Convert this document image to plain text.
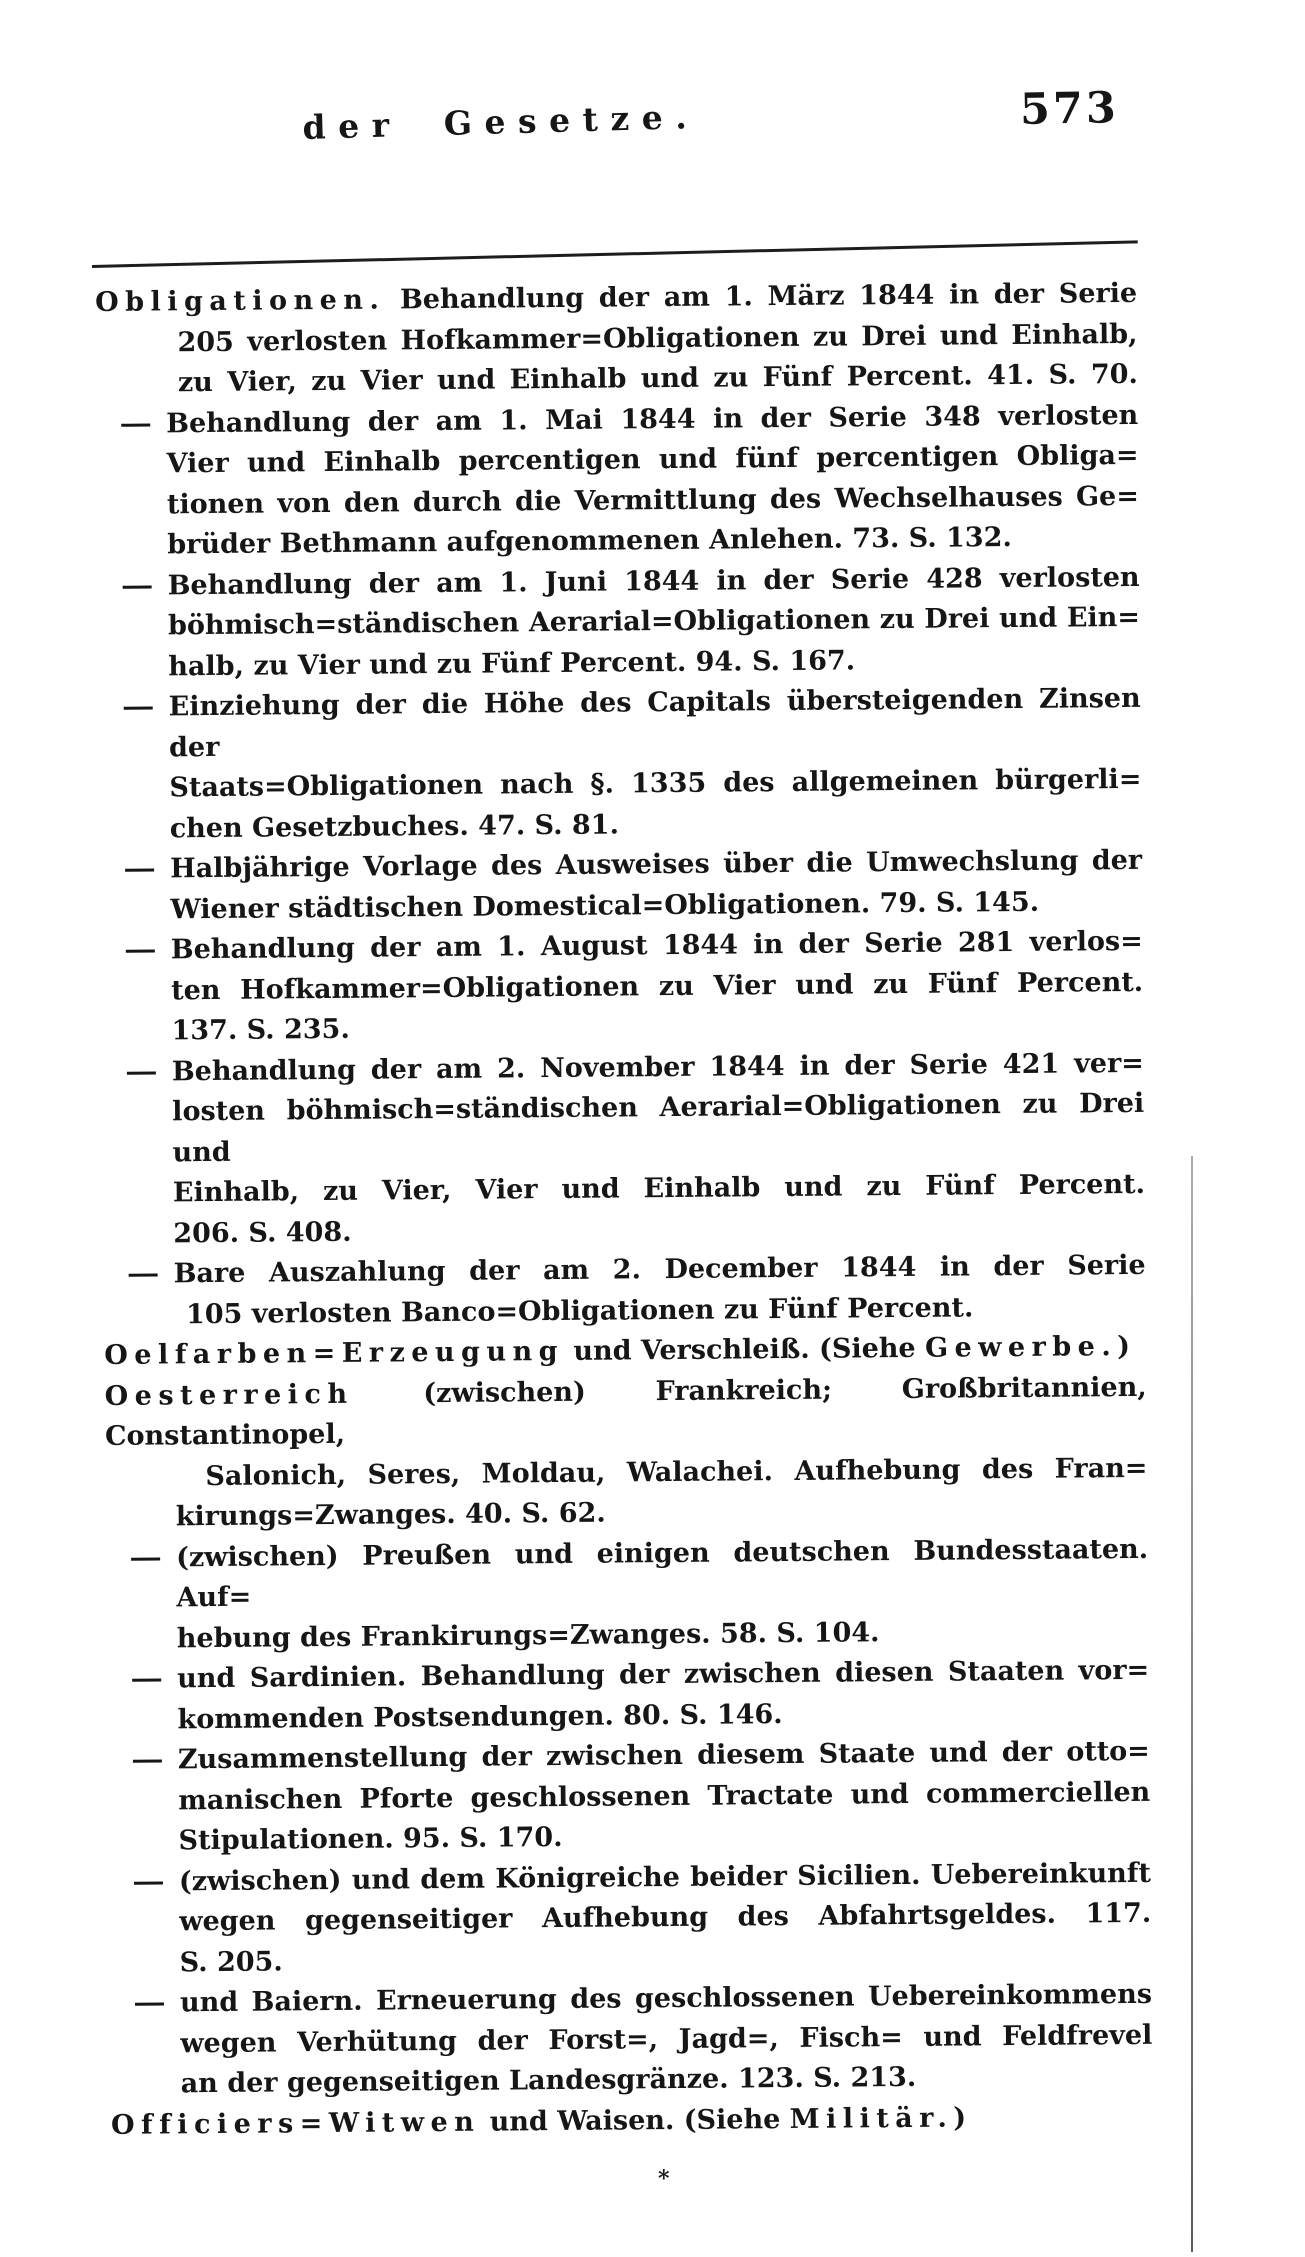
der Gesetze.	573
Obligationen. Behandlung der am 1. März 1844 in der Serie
205 verlosten Hofkammer=Obligationen zu Drei und Einhalb,
zu Vier, zu Vier und Einhalb und zu Fünf Percent. 41. S. 70.
Behandlung der am 1. Mai 1844 in der Serie 348 verlosten
Vier und Einhalb percentigen und fünf percentigen Obliga=
tionen von den durch die Vermittlung des Wechselhauses Ge=
brüder Bethmann aufgenommenen Anlehen. 73. S. 132.
Behandlung der am 1. Juni 1844 in der Serie 428 verlosten
böhmisch=ständischen Aerarial=Obligationen zu Drei und Ein=
halb, zu Vier und zu Fünf Percent. 94. S. 167.
Einziehung der die Höhe des Capitals übersteigenden Zinsen der
Staats=Obligationen nach §. 1335 des allgemeinen bürgerli=
chen Gesetzbuches. 47. S. 81.
Halbjährige Vorlage des Ausweises über die Umwechslung der
Wiener städtischen Domestical=Obligationen. 79. S. 145.
Behandlung der am 1. August 1844 in der Serie 281 verlos=
ten Hofkammer=Obligationen zu Vier und zu Fünf Percent.
137. S. 235.
Behandlung der am 2. November 1844 in der Serie 421 ver=
losten böhmisch=ständischen Aerarial=Obligationen zu Drei und
Einhalb, zu Vier, Vier und Einhalb und zu Fünf Percent.
206. S. 408.
Bare Auszahlung der am 2. December 1844 in der Serie
105 verlosten Banco=Obligationen zu Fünf Percent.
Oelfarben=Erzeugung und Verschleiß. (Siehe Gewerbe.)
Oesterreich (zwischen) Frankreich; Großbritannien, Constantinopel,
Salonich, Seres, Moldau, Walachei. Aufhebung des Fran=
kirungs=Zwanges. 40. S. 62.
(zwischen) Preußen und einigen deutschen Bundesstaaten. Auf=
hebung des Frankirungs=Zwanges. 58. S. 104.
und Sardinien. Behandlung der zwischen diesen Staaten vor=
kommenden Postsendungen. 80. S. 146.
Zusammenstellung der zwischen diesem Staate und der otto=
manischen Pforte geschlossenen Tractate und commerciellen
Stipulationen. 95. S. 170.
(zwischen) und dem Königreiche beider Sicilien. Uebereinkunft
wegen gegenseitiger Aufhebung des Abfahrtsgeldes. 117.
S. 205.
und Baiern. Erneuerung des geschlossenen Uebereinkommens
wegen Verhütung der Forst=, Jagd=, Fisch= und Feldfrevel
an der gegenseitigen Landesgränze. 123. S. 213.
Officiers=Witwen und Waisen. (Siehe Militär.)
*
